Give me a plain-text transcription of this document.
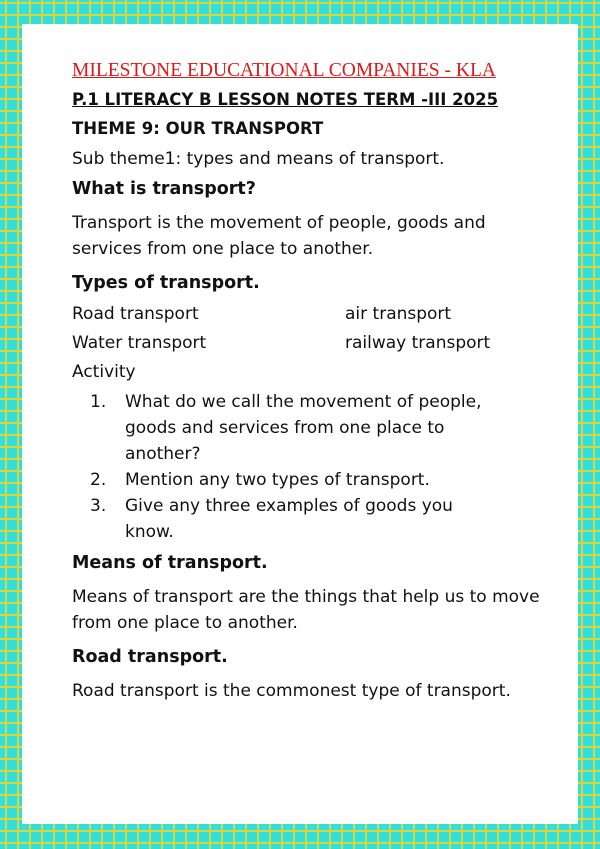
MILESTONE EDUCATIONAL COMPANIES - KLA
P.1 LITERACY B LESSON NOTES TERM -III 2025
THEME 9: OUR TRANSPORT
Sub theme1: types and means of transport.
What is transport?
Transport is the movement of people, goods and services from one place to another.
Types of transport.
Road transport	air transport
Water transport	railway transport
Activity
1.	What do we call the movement of people, goods and services from one place to another?
2.	Mention any two types of transport.
3.	Give any three examples of goods you know.
Means of transport.
Means of transport are the things that help us to move from one place to another.
Road transport.
Road transport is the commonest type of transport.
